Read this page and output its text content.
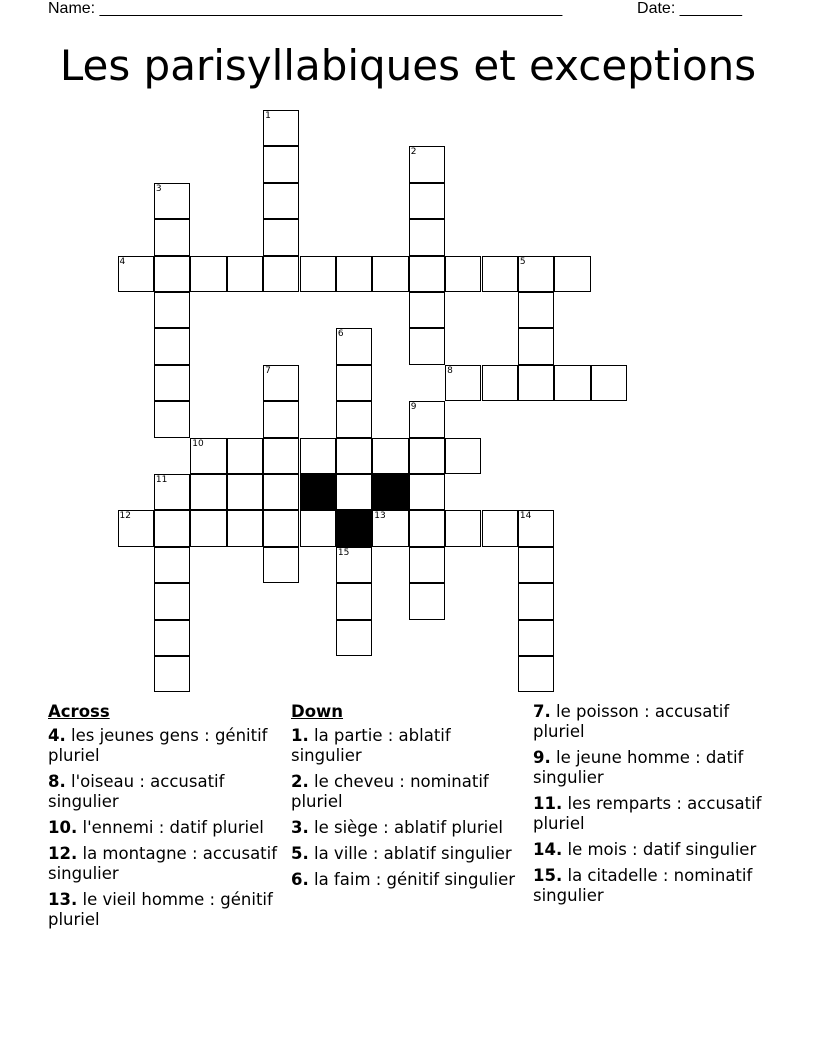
Name: ____________________________________________________	Date: _______
Les parisyllabiques et exceptions
1
2
3
4	5
6
7	8
9
10
11
12	13	14
15
Across
4. les jeunes gens : génitif pluriel
8. l'oiseau : accusatif singulier
10. l'ennemi : datif pluriel
12. la montagne : accusatif singulier
13. le vieil homme : génitif pluriel
Down
1. la partie : ablatif singulier
2. le cheveu : nominatif pluriel
3. le siège : ablatif pluriel
5. la ville : ablatif singulier
6. la faim : génitif singulier
7. le poisson : accusatif pluriel
9. le jeune homme : datif singulier
11. les remparts : accusatif pluriel
14. le mois : datif singulier
15. la citadelle : nominatif singulier
